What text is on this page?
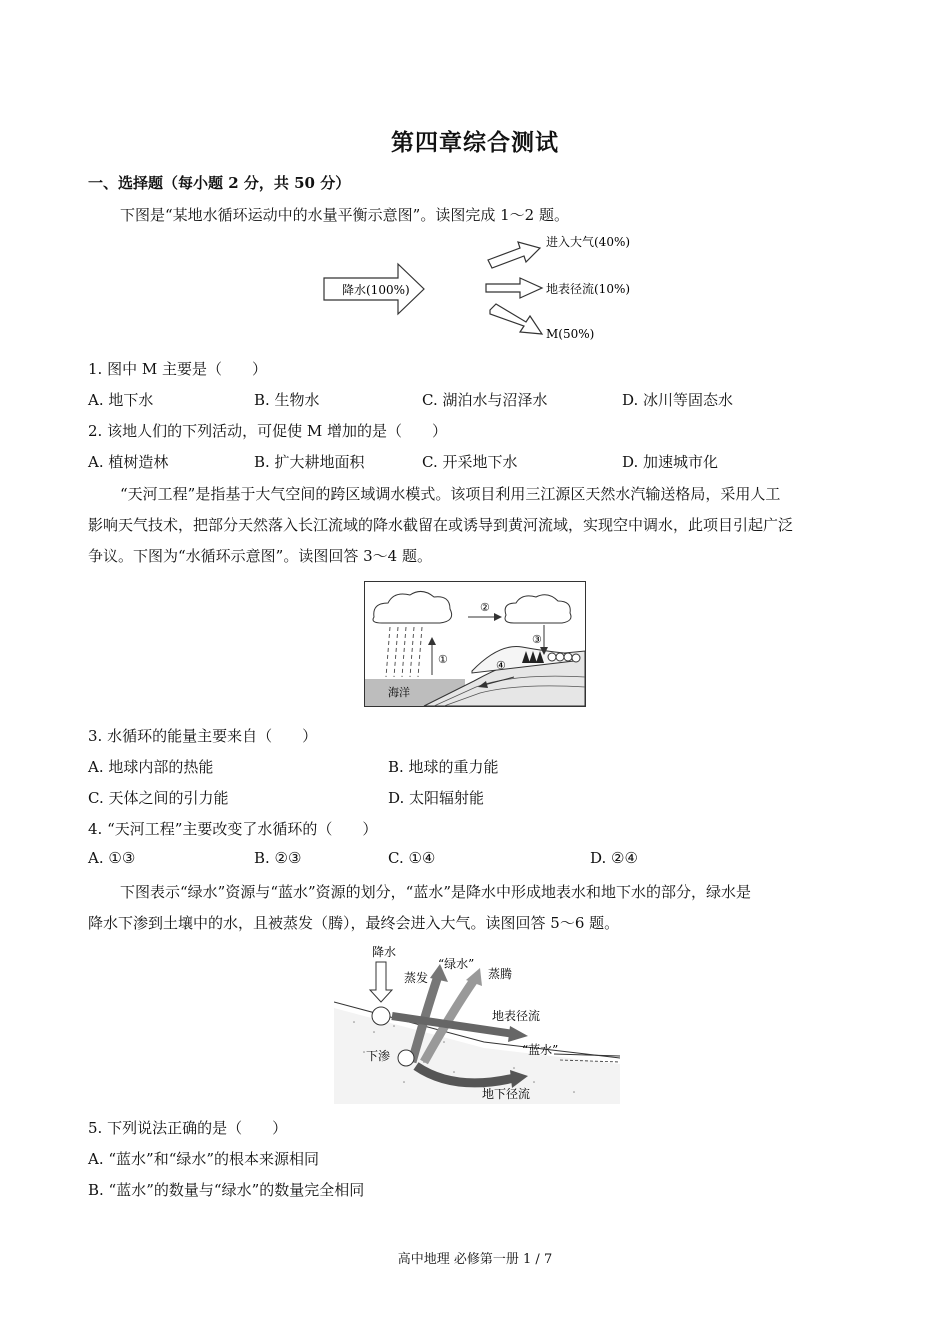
第四章综合测试
一、选择题（每小题 2 分，共 50 分）
下图是“某地水循环运动中的水量平衡示意图”。读图完成 1～2 题。
降水(100%)
进入大气(40%)
地表径流(10%)
M(50%)
1. 图中 M 主要是（　　）
A. 地下水	B. 生物水	C. 湖泊水与沼泽水	D. 冰川等固态水
2. 该地人们的下列活动，可促使 M 增加的是（　　）
A. 植树造林	B. 扩大耕地面积	C. 开采地下水	D. 加速城市化
“天河工程”是指基于大气空间的跨区域调水模式。该项目利用三江源区天然水汽输送格局，采用人工
影响天气技术，把部分天然落入长江流域的降水截留在或诱导到黄河流域，实现空中调水，此项目引起广泛
争议。下图为“水循环示意图”。读图回答 3～4 题。
海洋
①
②
③
④
3. 水循环的能量主要来自（　　）
A. 地球内部的热能	B. 地球的重力能
C. 天体之间的引力能	D. 太阳辐射能
4. “天河工程”主要改变了水循环的（　　）
A. ①③	B. ②③	C. ①④	D. ②④
下图表示“绿水”资源与“蓝水”资源的划分，“蓝水”是降水中形成地表水和地下水的部分，绿水是
降水下渗到土壤中的水，且被蒸发（腾），最终会进入大气。读图回答 5～6 题。
降水
“绿水”
蒸发	蒸腾
地表径流
“蓝水”
下渗
地下径流
5. 下列说法正确的是（　　）
A. “蓝水”和“绿水”的根本来源相同
B. “蓝水”的数量与“绿水”的数量完全相同
高中地理 必修第一册 1 / 7
